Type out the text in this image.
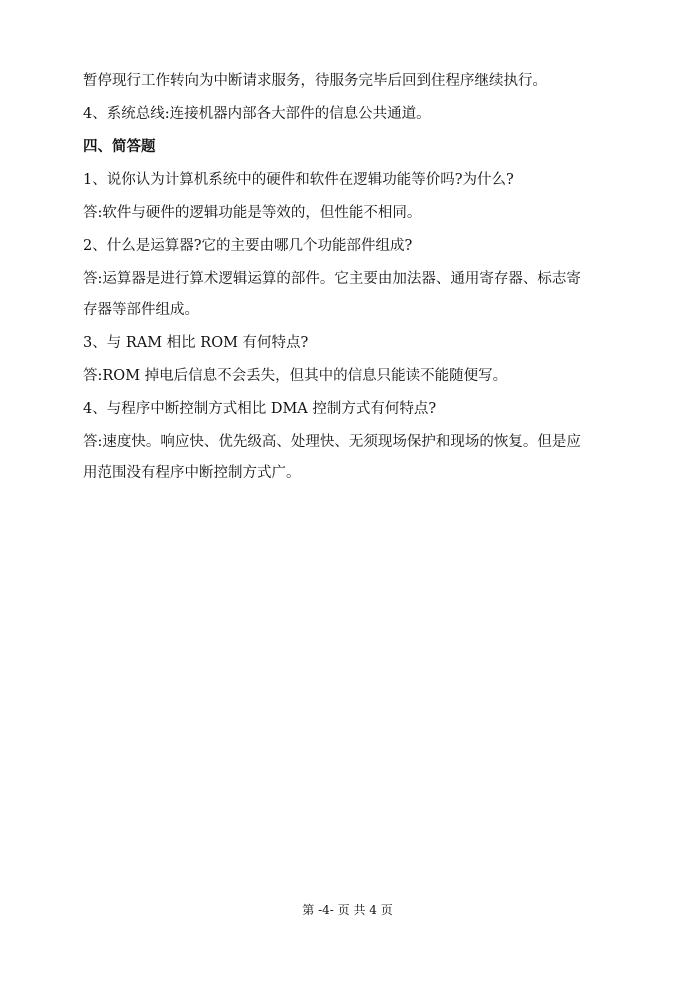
暂停现行工作转向为中断请求服务，待服务完毕后回到住程序继续执行。

4、系统总线:连接机器内部各大部件的信息公共通道。

四、简答题

1、说你认为计算机系统中的硬件和软件在逻辑功能等价吗?为什么?

答:软件与硬件的逻辑功能是等效的，但性能不相同。

2、什么是运算器?它的主要由哪几个功能部件组成?

答:运算器是进行算术逻辑运算的部件。它主要由加法器、通用寄存器、标志寄

存器等部件组成。

3、与 RAM 相比 ROM 有何特点?

答:ROM 掉电后信息不会丢失，但其中的信息只能读不能随便写。

4、与程序中断控制方式相比 DMA 控制方式有何特点?

答:速度快。响应快、优先级高、处理快、无须现场保护和现场的恢复。但是应

用范围没有程序中断控制方式广。

第 -4- 页 共 4 页
